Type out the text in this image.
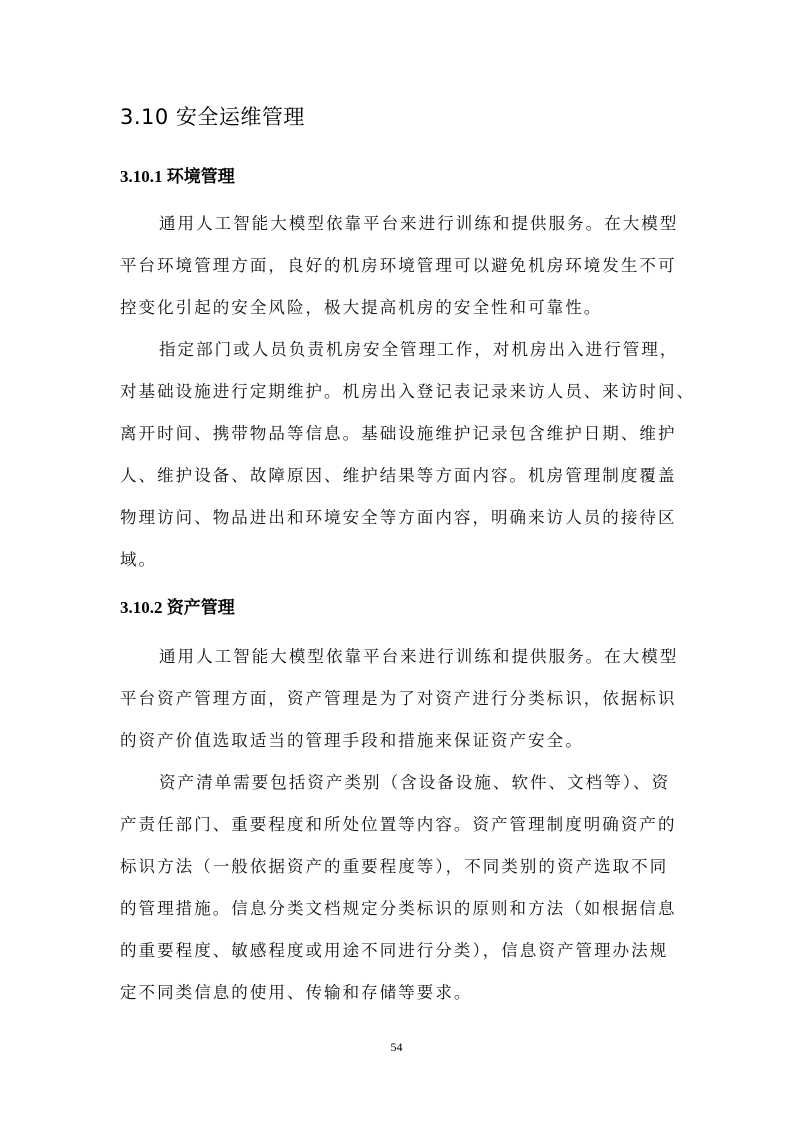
3.10 安全运维管理
3.10.1 环境管理
通用人工智能大模型依靠平台来进行训练和提供服务。在大模型
平台环境管理方面，良好的机房环境管理可以避免机房环境发生不可
控变化引起的安全风险，极大提高机房的安全性和可靠性。
指定部门或人员负责机房安全管理工作，对机房出入进行管理，
对基础设施进行定期维护。机房出入登记表记录来访人员、来访时间、
离开时间、携带物品等信息。基础设施维护记录包含维护日期、维护
人、维护设备、故障原因、维护结果等方面内容。机房管理制度覆盖
物理访问、物品进出和环境安全等方面内容，明确来访人员的接待区
域。
3.10.2 资产管理
通用人工智能大模型依靠平台来进行训练和提供服务。在大模型
平台资产管理方面，资产管理是为了对资产进行分类标识，依据标识
的资产价值选取适当的管理手段和措施来保证资产安全。
资产清单需要包括资产类别（含设备设施、软件、文档等）、资
产责任部门、重要程度和所处位置等内容。资产管理制度明确资产的
标识方法（一般依据资产的重要程度等），不同类别的资产选取不同
的管理措施。信息分类文档规定分类标识的原则和方法（如根据信息
的重要程度、敏感程度或用途不同进行分类），信息资产管理办法规
定不同类信息的使用、传输和存储等要求。
54
